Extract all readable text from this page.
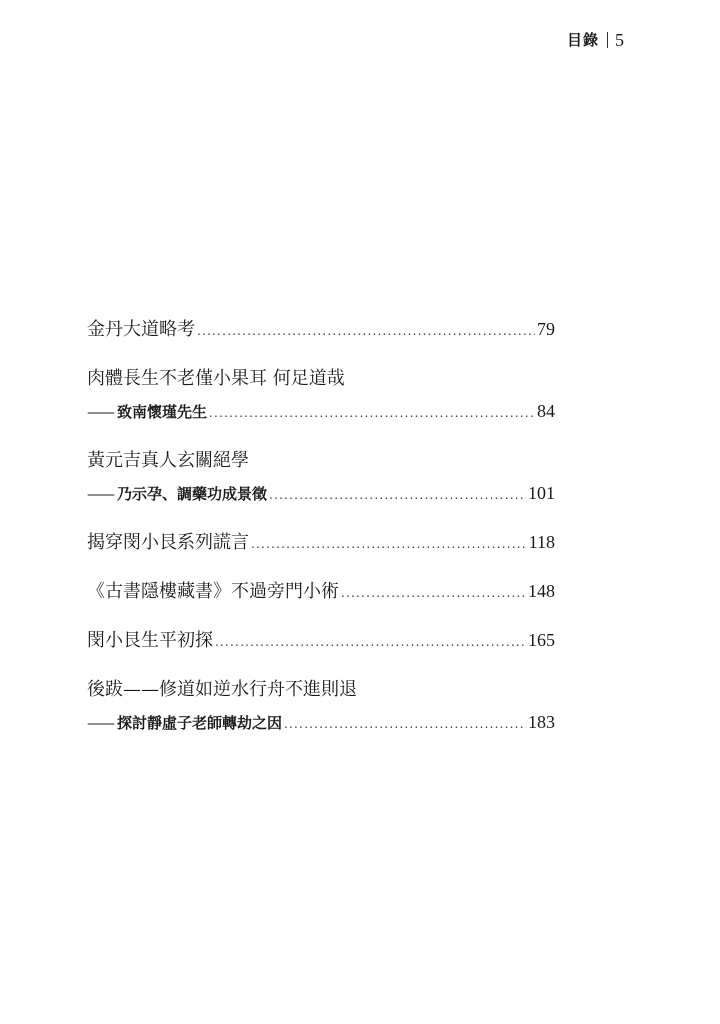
目錄 5
金丹大道略考 .....	79
肉體長生不老僅小果耳 何足道哉
—— 致南懷瑾先生 .....	84
黃元吉真人玄關絕學
—— 乃示孕、調藥功成景徵 .....	101
揭穿閔小艮系列謊言 .....	118
《古書隱樓藏書》不過旁門小術 .....	148
閔小艮生平初探 .....	165
後跋——修道如逆水行舟不進則退
—— 探討靜虛子老師轉劫之因 .....	183
